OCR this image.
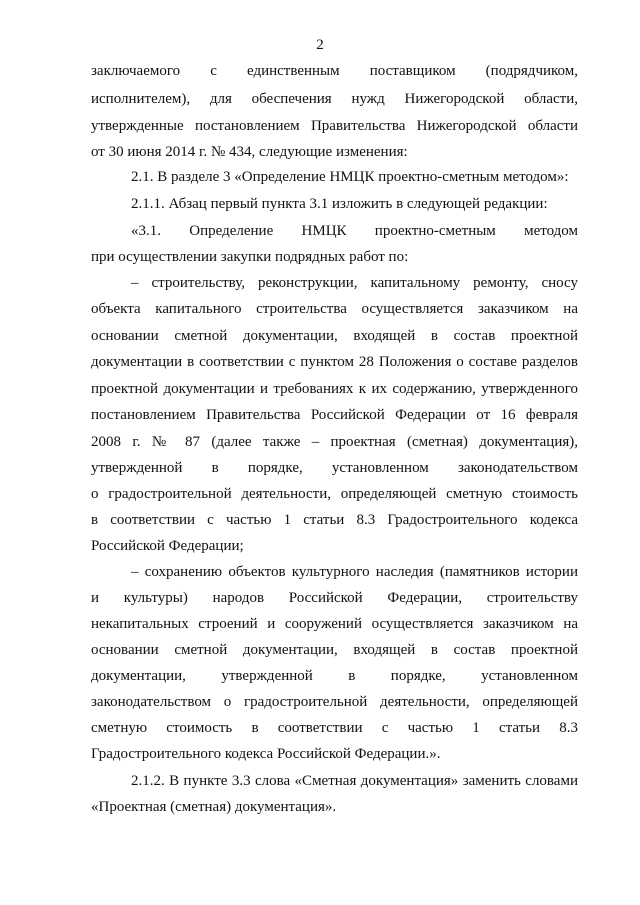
2
заключаемого с единственным поставщиком (подрядчиком,
исполнителем), для обеспечения нужд Нижегородской области,
утвержденные постановлением Правительства Нижегородской области
от 30 июня 2014 г. № 434, следующие изменения:
2.1. В разделе 3 «Определение НМЦК проектно-сметным методом»:
2.1.1. Абзац первый пункта 3.1 изложить в следующей редакции:
«3.1. Определение НМЦК проектно-сметным методом
при осуществлении закупки подрядных работ по:
– строительству, реконструкции, капитальному ремонту, сносу
объекта капитального строительства осуществляется заказчиком на
основании сметной документации, входящей в состав проектной
документации в соответствии с пунктом 28 Положения о составе разделов
проектной документации и требованиях к их содержанию, утвержденного
постановлением Правительства Российской Федерации от 16 февраля
2008 г. № 87 (далее также – проектная (сметная) документация),
утвержденной в порядке, установленном законодательством
о градостроительной деятельности, определяющей сметную стоимость
в соответствии с частью 1 статьи 8.3 Градостроительного кодекса
Российской Федерации;
– сохранению объектов культурного наследия (памятников истории
и культуры) народов Российской Федерации, строительству
некапитальных строений и сооружений осуществляется заказчиком на
основании сметной документации, входящей в состав проектной
документации, утвержденной в порядке, установленном
законодательством о градостроительной деятельности, определяющей
сметную стоимость в соответствии с частью 1 статьи 8.3
Градостроительного кодекса Российской Федерации.».
2.1.2. В пункте 3.3 слова «Сметная документация» заменить словами
«Проектная (сметная) документация».
